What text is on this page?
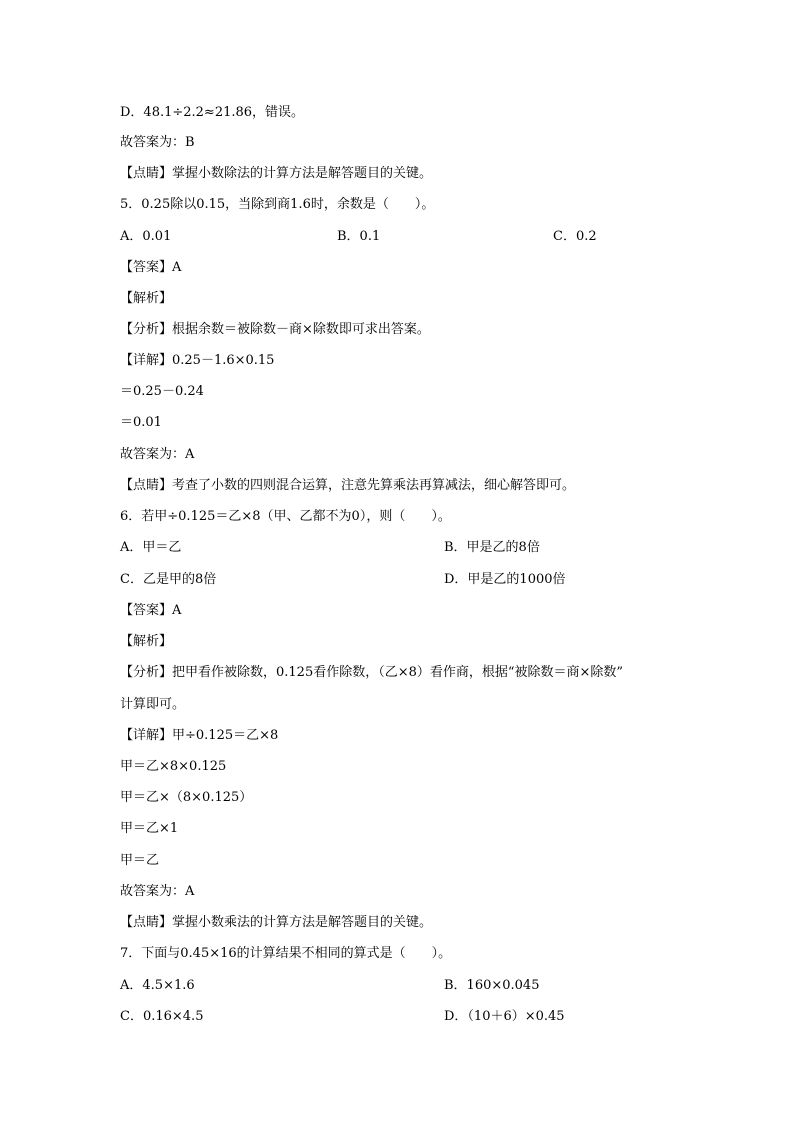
D．48.1÷2.2≈21.86，错误。
故答案为：B
【点睛】掌握小数除法的计算方法是解答题目的关键。
5．0.25除以0.15，当除到商1.6时，余数是（　　）。
A．0.01	B．0.1	C．0.2
【答案】A
【解析】
【分析】根据余数＝被除数－商×除数即可求出答案。
【详解】0.25－1.6×0.15
＝0.25－0.24
＝0.01
故答案为：A
【点睛】考查了小数的四则混合运算，注意先算乘法再算减法，细心解答即可。
6．若甲÷0.125＝乙×8（甲、乙都不为0），则（　　）。
A．甲＝乙	B．甲是乙的8倍
C．乙是甲的8倍	D．甲是乙的1000倍
【答案】A
【解析】
【分析】把甲看作被除数，0.125看作除数，（乙×8）看作商，根据“被除数＝商×除数”
计算即可。
【详解】甲÷0.125＝乙×8
甲＝乙×8×0.125
甲＝乙×（8×0.125）
甲＝乙×1
甲＝乙
故答案为：A
【点睛】掌握小数乘法的计算方法是解答题目的关键。
7．下面与0.45×16的计算结果不相同的算式是（　　）。
A．4.5×1.6	B．160×0.045
C．0.16×4.5	D．（10＋6）×0.45
